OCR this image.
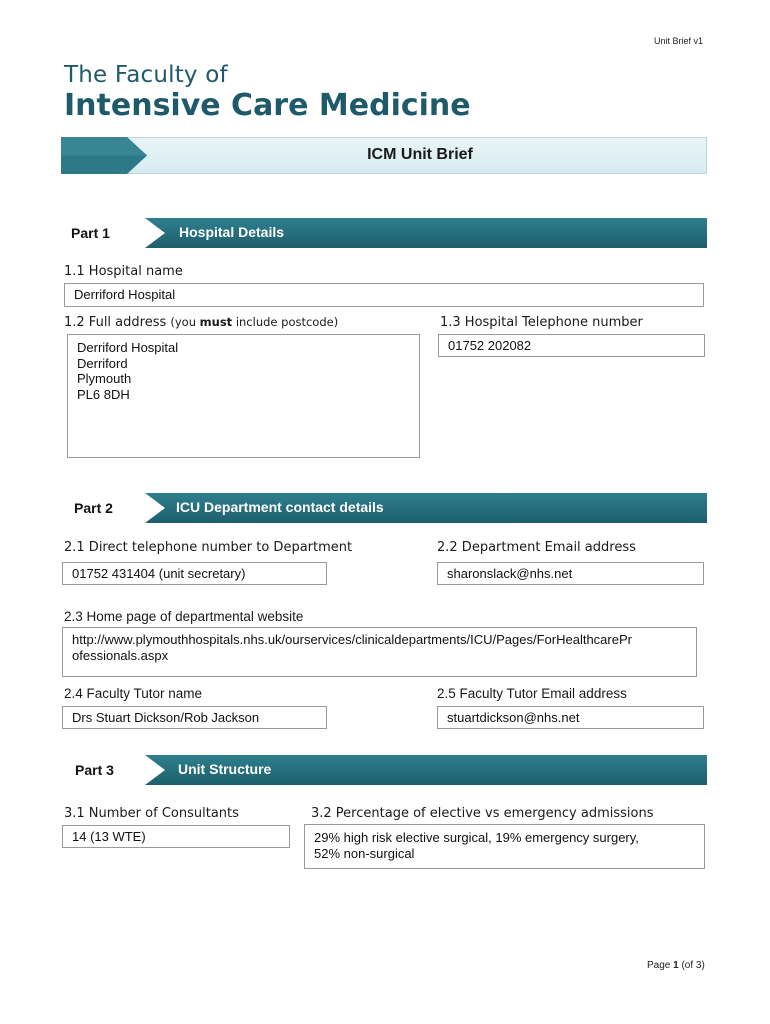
Unit Brief v1
The Faculty of
Intensive Care Medicine
ICM Unit Brief
Part 1	Hospital Details
1.1 Hospital name
Derriford Hospital
1.2 Full address (you must include postcode)
Derriford Hospital
Derriford
Plymouth
PL6 8DH
1.3 Hospital Telephone number
01752 202082
Part 2	ICU Department contact details
2.1 Direct telephone number to Department
01752 431404 (unit secretary)
2.2 Department Email address
sharonslack@nhs.net
2.3 Home page of departmental website
http://www.plymouthhospitals.nhs.uk/ourservices/clinicaldepartments/ICU/Pages/ForHealthcarePr
ofessionals.aspx
2.4 Faculty Tutor name
Drs Stuart Dickson/Rob Jackson
2.5 Faculty Tutor Email address
stuartdickson@nhs.net
Part 3	Unit Structure
3.1 Number of Consultants
14 (13 WTE)
3.2 Percentage of elective vs emergency admissions
29% high risk elective surgical, 19% emergency surgery,
52% non-surgical
Page 1 (of 3)
